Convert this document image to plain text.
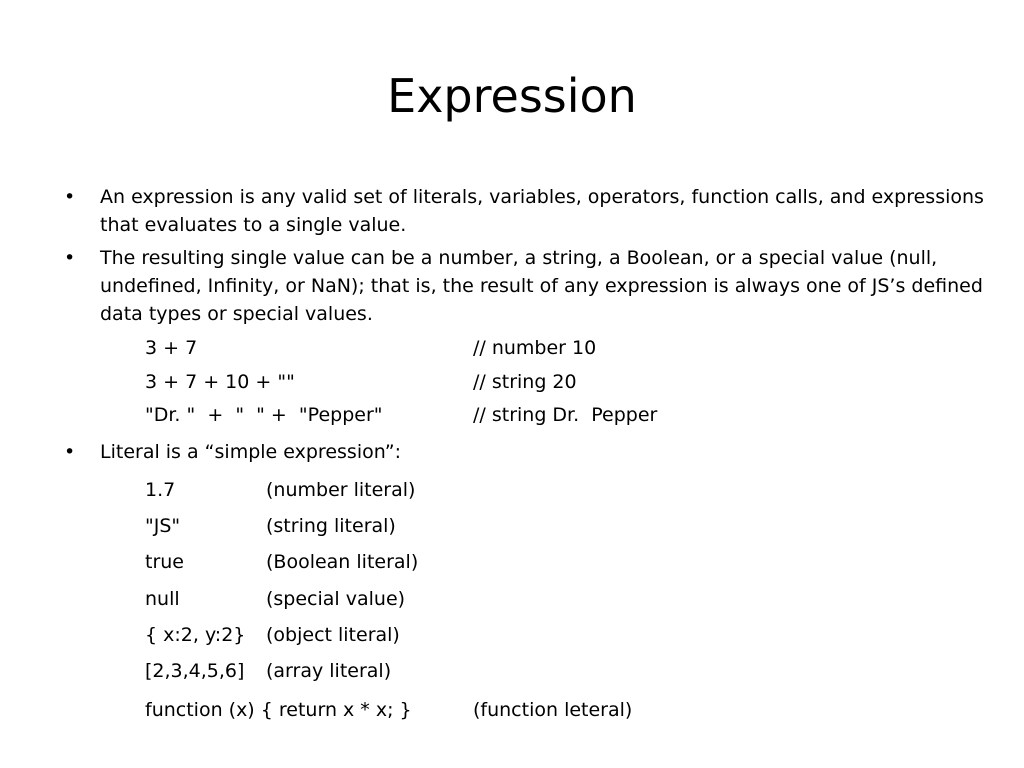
Expression
•	An expression is any valid set of literals, variables, operators, function calls, and expressions that evaluates to a single value.
•	The resulting single value can be a number, a string, a Boolean, or a special value (null, undefined, Infinity, or NaN); that is, the result of any expression is always one of JS’s defined data types or special values.
3 + 7	// number 10
3 + 7 + 10 + ""	// string 20
"Dr. "  +  "  " +  "Pepper"	// string Dr.  Pepper
•	Literal is a “simple expression”:
1.7	(number literal)
"JS"	(string literal)
true	(Boolean literal)
null	(special value)
{ x:2, y:2} (object literal)
[2,3,4,5,6] (array literal)
function (x) { return x * x; }	(function leteral)
